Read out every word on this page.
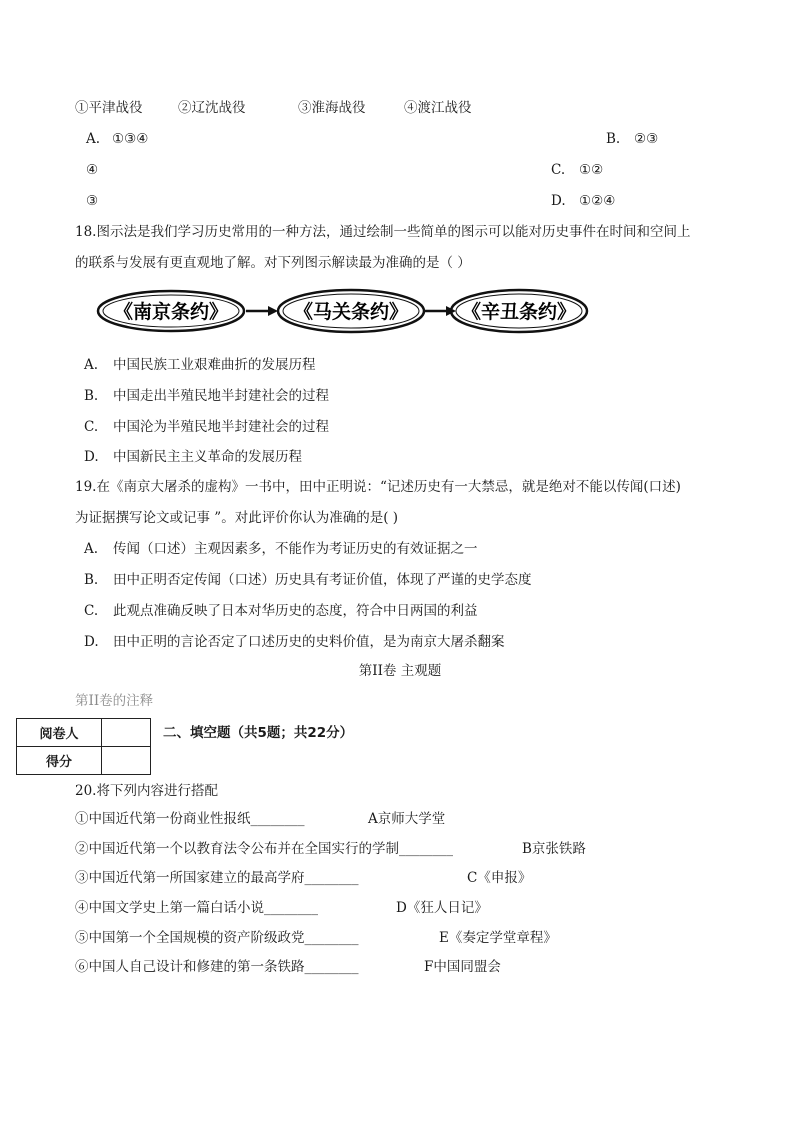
①平津战役	②辽沈战役	③淮海战役	④渡江战役
A. ①③④	B. ②③
④	C. ①②
③	D. ①②④
18.图示法是我们学习历史常用的一种方法，通过绘制一些简单的图示可以能对历史事件在时间和空间上
的联系与发展有更直观地了解。对下列图示解读最为准确的是（ ）
《南京条约》	《马关条约》	《辛丑条约》
A. 中国民族工业艰难曲折的发展历程
B. 中国走出半殖民地半封建社会的过程
C. 中国沦为半殖民地半封建社会的过程
D. 中国新民主主义革命的发展历程
19.在《南京大屠杀的虚构》一书中，田中正明说：“记述历史有一大禁忌，就是绝对不能以传闻(口述)
为证据撰写论文或记事 ”。对此评价你认为准确的是( )
A. 传闻（口述）主观因素多，不能作为考证历史的有效证据之一
B. 田中正明否定传闻（口述）历史具有考证价值，体现了严谨的史学态度
C. 此观点准确反映了日本对华历史的态度，符合中日两国的利益
D. 田中正明的言论否定了口述历史的史料价值，是为南京大屠杀翻案
第II卷 主观题
第II卷的注释
阅卷人	
得分	
二、填空题（共5题；共22分）
20.将下列内容进行搭配
①中国近代第一份商业性报纸________	A京师大学堂
②中国近代第一个以教育法令公布并在全国实行的学制________	B京张铁路
③中国近代第一所国家建立的最高学府________	C《申报》
④中国文学史上第一篇白话小说________	D《狂人日记》
⑤中国第一个全国规模的资产阶级政党________	E《奏定学堂章程》
⑥中国人自己设计和修建的第一条铁路________	F中国同盟会
